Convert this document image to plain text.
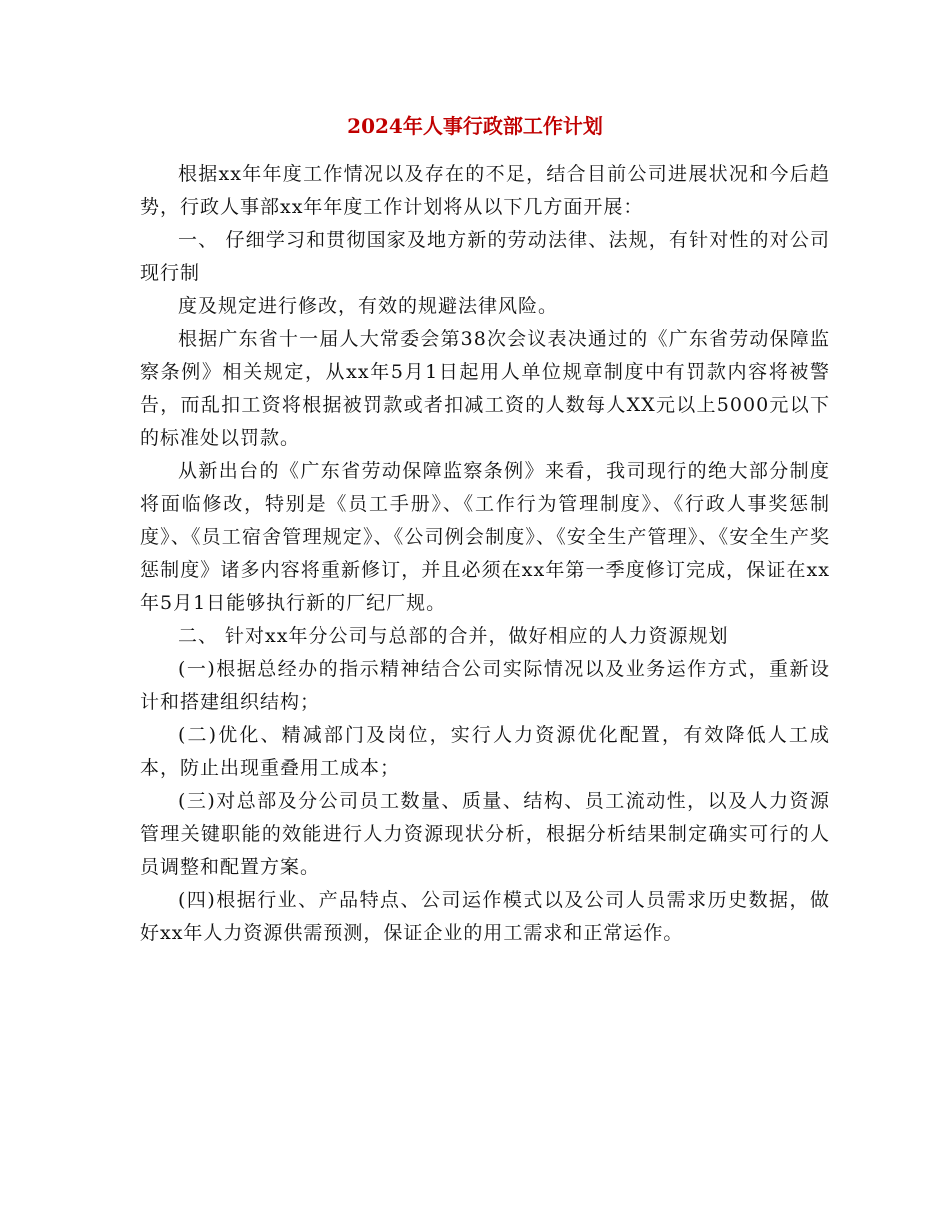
2024年人事行政部工作计划

根据xx年年度工作情况以及存在的不足，结合目前公司进展状况和今后趋势，行政人事部xx年年度工作计划将从以下几方面开展：

一、 仔细学习和贯彻国家及地方新的劳动法律、法规，有针对性的对公司现行制

度及规定进行修改，有效的规避法律风险。

根据广东省十一届人大常委会第38次会议表决通过的《广东省劳动保障监察条例》相关规定，从xx年5月1日起用人单位规章制度中有罚款内容将被警告，而乱扣工资将根据被罚款或者扣减工资的人数每人XX元以上5000元以下的标准处以罚款。

从新出台的《广东省劳动保障监察条例》来看，我司现行的绝大部分制度将面临修改，特别是《员工手册》、《工作行为管理制度》、《行政人事奖惩制度》、《员工宿舍管理规定》、《公司例会制度》、《安全生产管理》、《安全生产奖惩制度》诸多内容将重新修订，并且必须在xx年第一季度修订完成，保证在xx年5月1日能够执行新的厂纪厂规。

二、 针对xx年分公司与总部的合并，做好相应的人力资源规划

(一)根据总经办的指示精神结合公司实际情况以及业务运作方式，重新设计和搭建组织结构；

(二)优化、精减部门及岗位，实行人力资源优化配置，有效降低人工成本，防止出现重叠用工成本；

(三)对总部及分公司员工数量、质量、结构、员工流动性，以及人力资源管理关键职能的效能进行人力资源现状分析，根据分析结果制定确实可行的人员调整和配置方案。

(四)根据行业、产品特点、公司运作模式以及公司人员需求历史数据，做好xx年人力资源供需预测，保证企业的用工需求和正常运作。
